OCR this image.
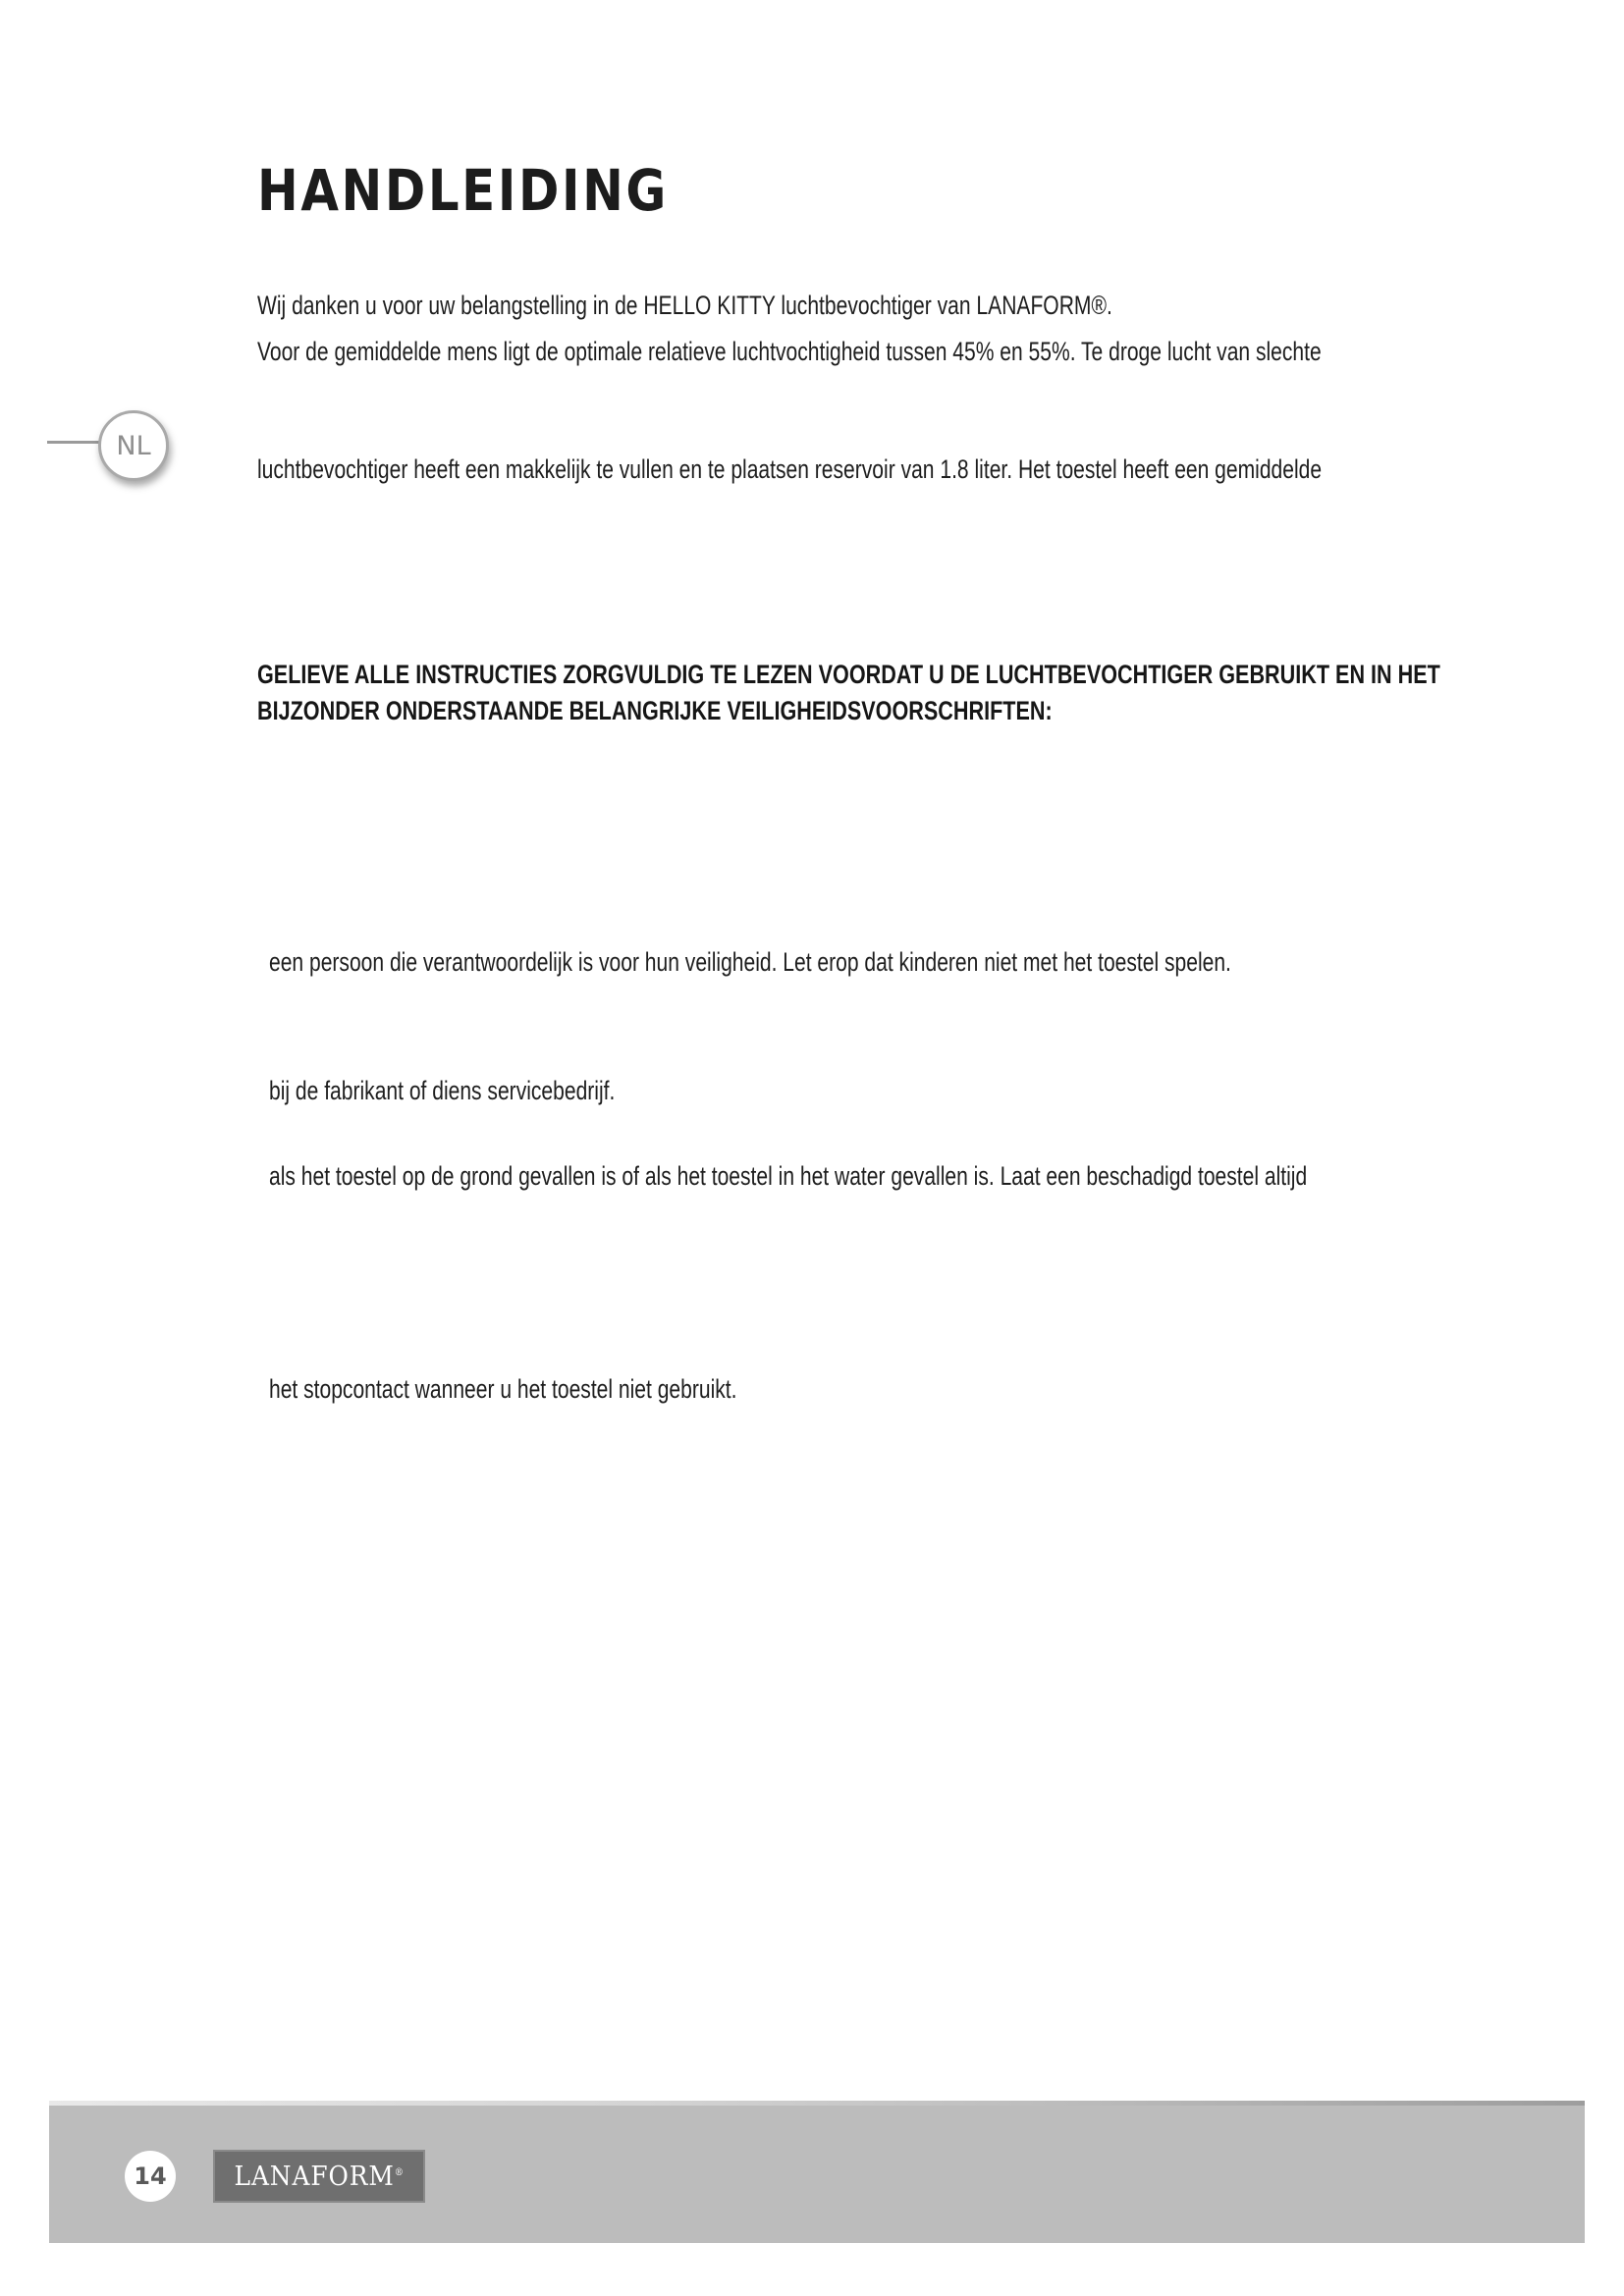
HANDLEIDING

Wij danken u voor uw belangstelling in de HELLO KITTY luchtbevochtiger van LANAFORM®.

Voor de gemiddelde mens ligt de optimale relatieve luchtvochtigheid tussen 45% en 55%. Te droge lucht van slechte

NL

luchtbevochtiger heeft een makkelijk te vullen en te plaatsen reservoir van 1.8 liter. Het toestel heeft een gemiddelde

GELIEVE ALLE INSTRUCTIES ZORGVULDIG TE LEZEN VOORDAT U DE LUCHTBEVOCHTIGER GEBRUIKT EN IN HET

BIJZONDER ONDERSTAANDE BELANGRIJKE VEILIGHEIDSVOORSCHRIFTEN:

een persoon die verantwoordelijk is voor hun veiligheid. Let erop dat kinderen niet met het toestel spelen.

bij de fabrikant of diens servicebedrijf.

als het toestel op de grond gevallen is of als het toestel in het water gevallen is. Laat een beschadigd toestel altijd

het stopcontact wanneer u het toestel niet gebruikt.

14	LANAFORM®
